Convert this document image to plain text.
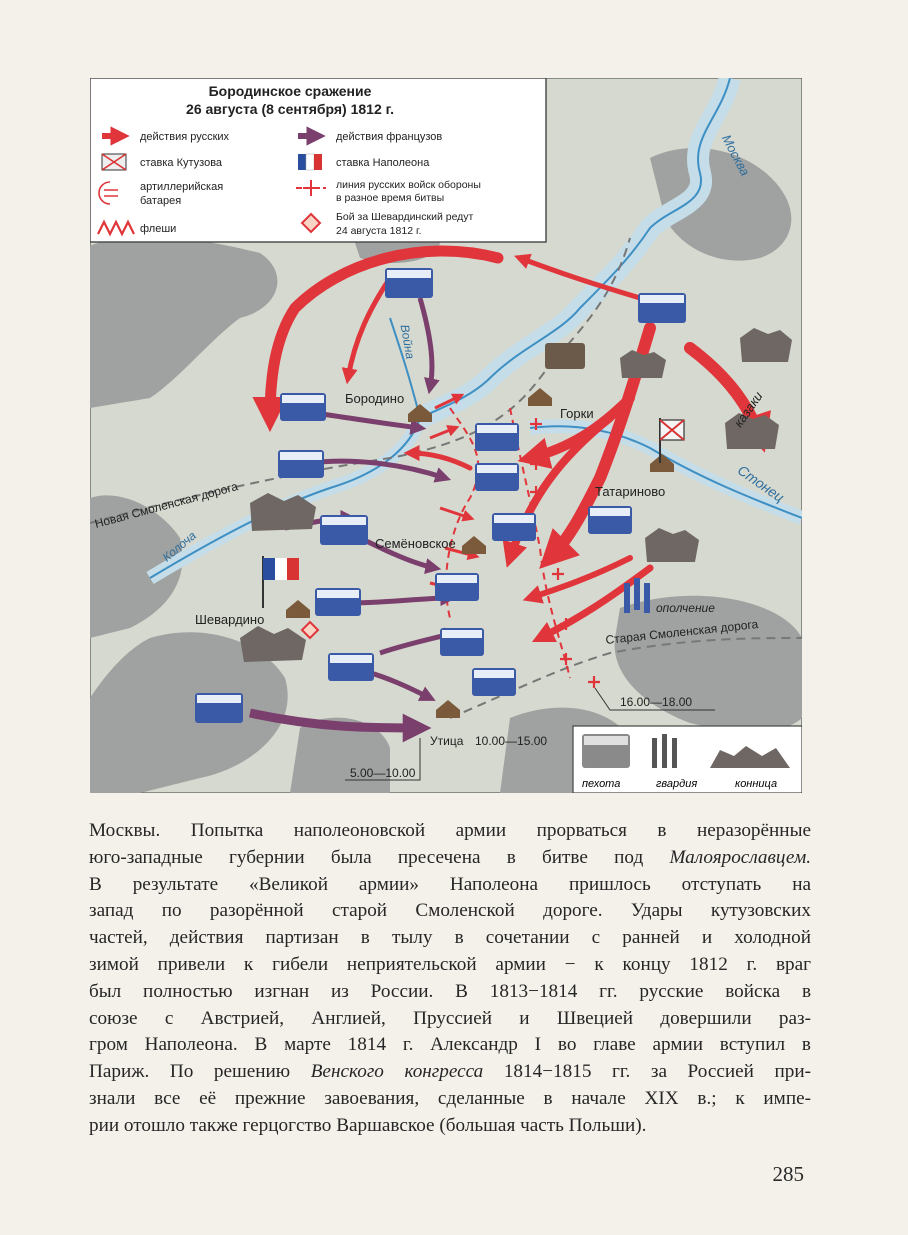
Бородинское сражение
26 августа (8 сентября) 1812 г.
действия русских	действия французов
ставка Кутузова	ставка Наполеона
артиллерийская
батарея
линия русских войск обороны
в разное время битвы
флеши
Бой за Шевардинский редут
24 августа 1812 г.
Москва
Война
Бородино
Горки
Татариново
Семёновское
Шевардино
Утица 10.00—15.00
Колоча
Стонец
Новая Смоленская дорога
Старая Смоленская дорога
казаки
ополчение
16.00—18.00
5.00—10.00
пехота	гвардия	конница
Москвы. Попытка наполеоновской армии прорваться в неразорённые
юго-западные губернии была пресечена в битве под Малоярославцем.
В результате «Великой армии» Наполеона пришлось отступать на
запад по разорённой старой Смоленской дороге. Удары кутузовских
частей, действия партизан в тылу в сочетании с ранней и холодной
зимой привели к гибели неприятельской армии − к концу 1812 г. враг
был полностью изгнан из России. В 1813−1814 гг. русские войска в
союзе с Австрией, Англией, Пруссией и Швецией довершили раз-
гром Наполеона. В марте 1814 г. Александр I во главе армии вступил в
Париж. По решению Венского конгресса 1814−1815 гг. за Россией при-
знали все её прежние завоевания, сделанные в начале XIX в.; к импе-
рии отошло также герцогство Варшавское (большая часть Польши).
285
